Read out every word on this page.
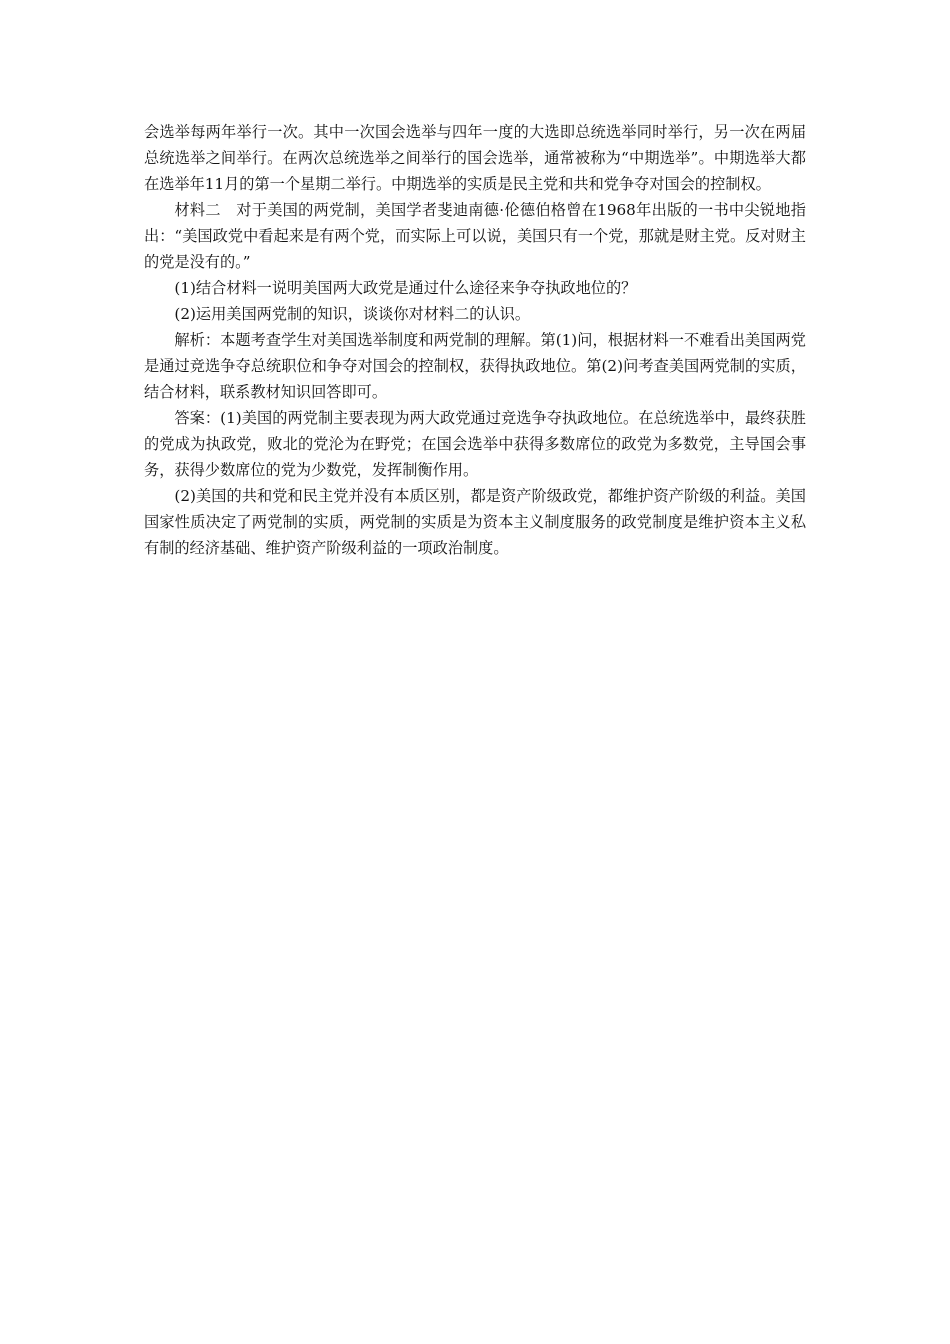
会选举每两年举行一次。其中一次国会选举与四年一度的大选即总统选举同时举行，另一次在两届总统选举之间举行。在两次总统选举之间举行的国会选举，通常被称为“中期选举”。中期选举大都在选举年11月的第一个星期二举行。中期选举的实质是民主党和共和党争夺对国会的控制权。

材料二　对于美国的两党制，美国学者斐迪南德·伦德伯格曾在1968年出版的一书中尖锐地指出：“美国政党中看起来是有两个党，而实际上可以说，美国只有一个党，那就是财主党。反对财主的党是没有的。”

(1)结合材料一说明美国两大政党是通过什么途径来争夺执政地位的？

(2)运用美国两党制的知识，谈谈你对材料二的认识。

解析：本题考查学生对美国选举制度和两党制的理解。第(1)问，根据材料一不难看出美国两党是通过竞选争夺总统职位和争夺对国会的控制权，获得执政地位。第(2)问考查美国两党制的实质，结合材料，联系教材知识回答即可。

答案：(1)美国的两党制主要表现为两大政党通过竞选争夺执政地位。在总统选举中，最终获胜的党成为执政党，败北的党沦为在野党；在国会选举中获得多数席位的政党为多数党，主导国会事务，获得少数席位的党为少数党，发挥制衡作用。

(2)美国的共和党和民主党并没有本质区别，都是资产阶级政党，都维护资产阶级的利益。美国国家性质决定了两党制的实质，两党制的实质是为资本主义制度服务的政党制度是维护资本主义私有制的经济基础、维护资产阶级利益的一项政治制度。
